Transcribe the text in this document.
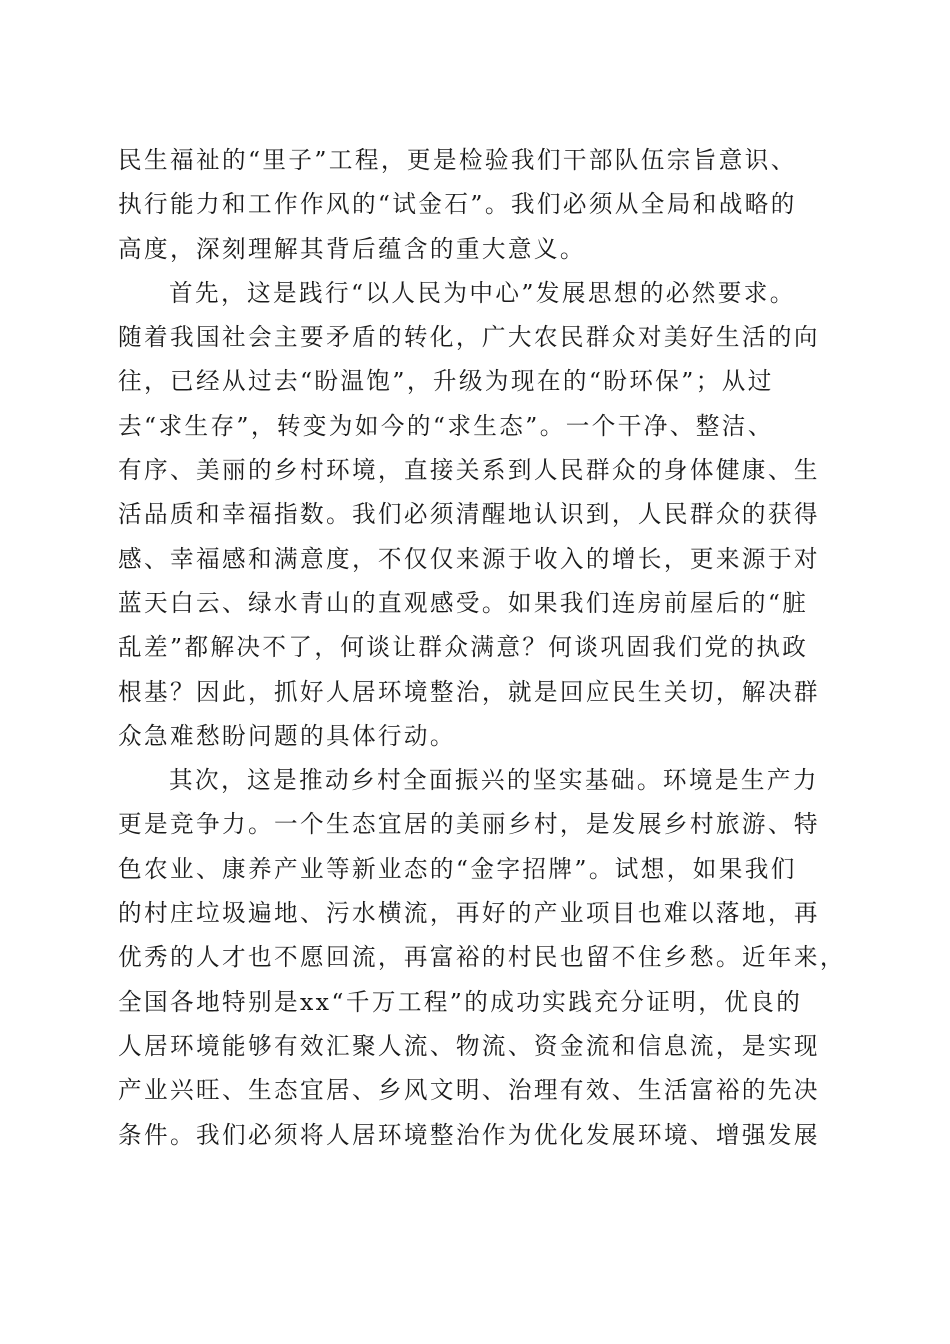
民生福祉的“里子”工程，更是检验我们干部队伍宗旨意识、
执行能力和工作作风的“试金石”。我们必须从全局和战略的
高度，深刻理解其背后蕴含的重大意义。
首先，这是践行“以人民为中心”发展思想的必然要求。
随着我国社会主要矛盾的转化，广大农民群众对美好生活的向
往，已经从过去“盼温饱”，升级为现在的“盼环保”；从过
去“求生存”，转变为如今的“求生态”。一个干净、整洁、
有序、美丽的乡村环境，直接关系到人民群众的身体健康、生
活品质和幸福指数。我们必须清醒地认识到，人民群众的获得
感、幸福感和满意度，不仅仅来源于收入的增长，更来源于对
蓝天白云、绿水青山的直观感受。如果我们连房前屋后的“脏
乱差”都解决不了，何谈让群众满意？何谈巩固我们党的执政
根基？因此，抓好人居环境整治，就是回应民生关切，解决群
众急难愁盼问题的具体行动。
其次，这是推动乡村全面振兴的坚实基础。环境是生产力
更是竞争力。一个生态宜居的美丽乡村，是发展乡村旅游、特
色农业、康养产业等新业态的“金字招牌”。试想，如果我们
的村庄垃圾遍地、污水横流，再好的产业项目也难以落地，再
优秀的人才也不愿回流，再富裕的村民也留不住乡愁。近年来，
全国各地特别是xx“千万工程”的成功实践充分证明，优良的
人居环境能够有效汇聚人流、物流、资金流和信息流，是实现
产业兴旺、生态宜居、乡风文明、治理有效、生活富裕的先决
条件。我们必须将人居环境整治作为优化发展环境、增强发展
